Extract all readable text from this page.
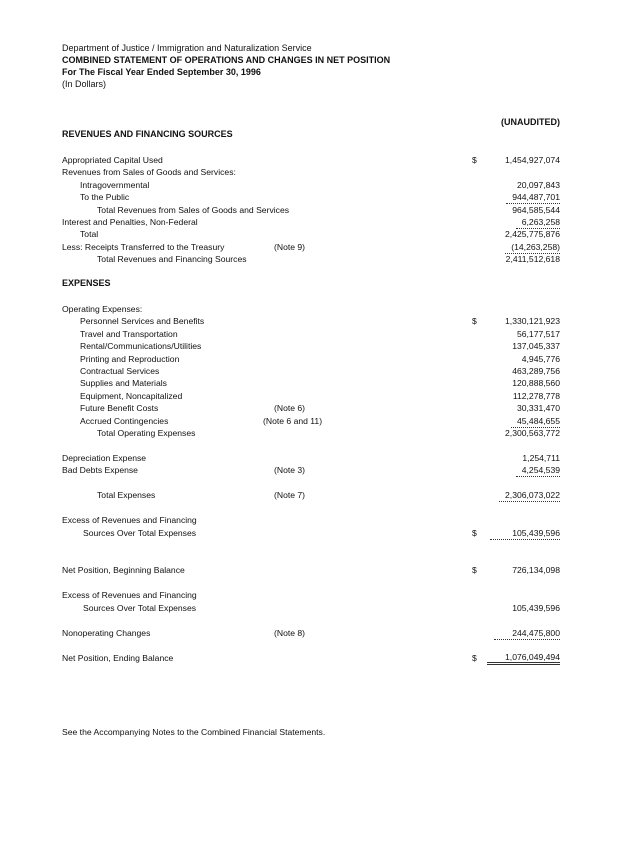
Department of Justice / Immigration and Naturalization Service
COMBINED STATEMENT OF OPERATIONS AND CHANGES IN NET POSITION
For The Fiscal Year Ended September 30, 1996
(In Dollars)
(UNAUDITED)
REVENUES AND FINANCING SOURCES
Appropriated Capital Used	$	1,454,927,074
Revenues from Sales of Goods and Services:
Intragovernmental	20,097,843
To the Public	944,487,701
Total Revenues from Sales of Goods and Services	964,585,544
Interest and Penalties, Non-Federal	6,263,258
Total	2,425,775,876
Less: Receipts Transferred to the Treasury	(Note 9)	(14,263,258)
Total Revenues and Financing Sources	2,411,512,618
EXPENSES
Operating Expenses:
Personnel Services and Benefits	$	1,330,121,923
Travel and Transportation	56,177,517
Rental/Communications/Utilities	137,045,337
Printing and Reproduction	4,945,776
Contractual Services	463,289,756
Supplies and Materials	120,888,560
Equipment, Noncapitalized	112,278,778
Future Benefit Costs	(Note 6)	30,331,470
Accrued Contingencies	(Note 6 and 11)	45,484,655
Total Operating Expenses	2,300,563,772
Depreciation Expense	1,254,711
Bad Debts Expense	(Note 3)	4,254,539
Total Expenses	(Note 7)	2,306,073,022
Excess of Revenues and Financing
Sources Over Total Expenses	$	105,439,596
Net Position, Beginning Balance	$	726,134,098
Excess of Revenues and Financing
Sources Over Total Expenses	105,439,596
Nonoperating Changes	(Note 8)	244,475,800
Net Position, Ending Balance	$	1,076,049,494
See the Accompanying Notes to the Combined Financial Statements.
